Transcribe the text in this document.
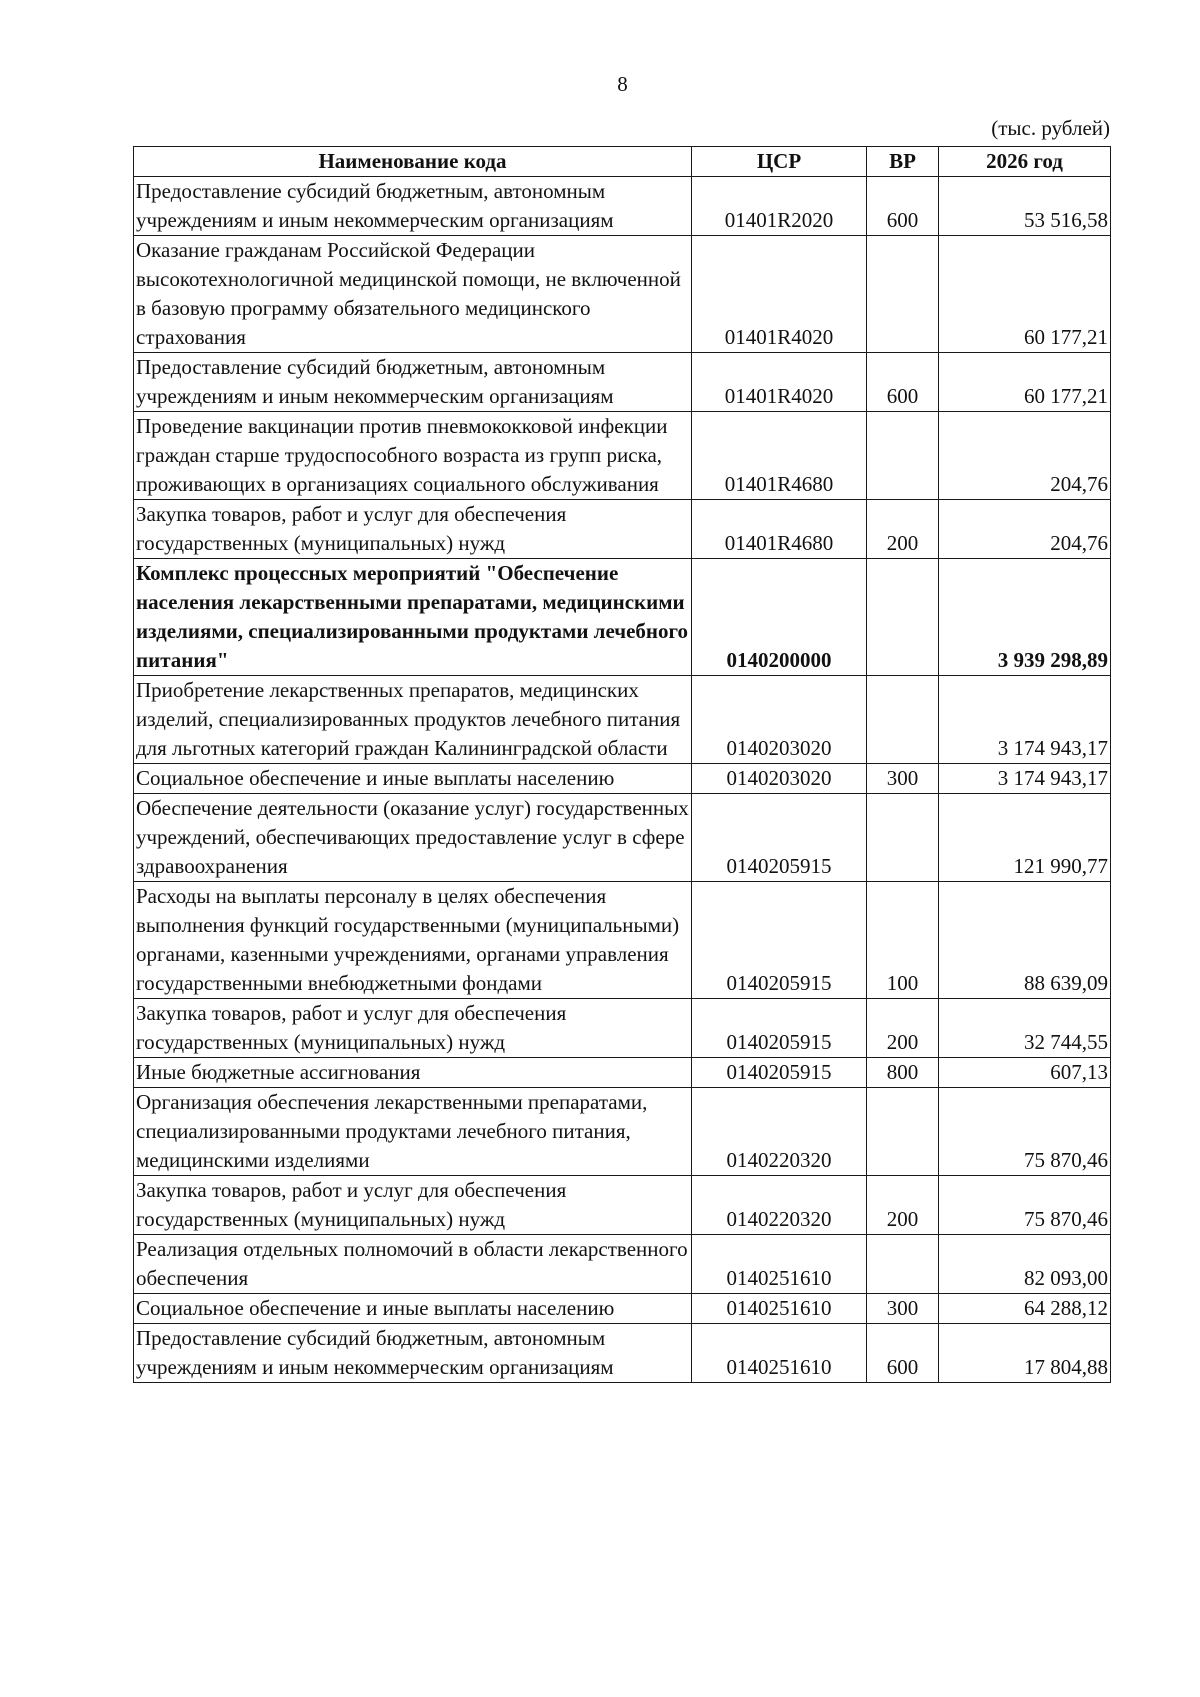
8
(тыс. рублей)
Наименование кода	ЦСР	ВР	2026 год
Предоставление субсидий бюджетным, автономным учреждениям и иным некоммерческим организациям	01401R2020	600	53 516,58
Оказание гражданам Российской Федерации высокотехнологичной медицинской помощи, не включенной в базовую программу обязательного медицинского страхования	01401R4020		60 177,21
Предоставление субсидий бюджетным, автономным учреждениям и иным некоммерческим организациям	01401R4020	600	60 177,21
Проведение вакцинации против пневмококковой инфекции граждан старше трудоспособного возраста из групп риска, проживающих в организациях социального обслуживания	01401R4680		204,76
Закупка товаров, работ и услуг для обеспечения государственных (муниципальных) нужд	01401R4680	200	204,76
Комплекс процессных мероприятий "Обеспечение населения лекарственными препаратами, медицинскими изделиями, специализированными продуктами лечебного питания"	0140200000		3 939 298,89
Приобретение лекарственных препаратов, медицинских изделий, специализированных продуктов лечебного питания для льготных категорий граждан Калининградской области	0140203020		3 174 943,17
Социальное обеспечение и иные выплаты населению	0140203020	300	3 174 943,17
Обеспечение деятельности (оказание услуг) государственных учреждений, обеспечивающих предоставление услуг в сфере здравоохранения	0140205915		121 990,77
Расходы на выплаты персоналу в целях обеспечения выполнения функций государственными (муниципальными) органами, казенными учреждениями, органами управления государственными внебюджетными фондами	0140205915	100	88 639,09
Закупка товаров, работ и услуг для обеспечения государственных (муниципальных) нужд	0140205915	200	32 744,55
Иные бюджетные ассигнования	0140205915	800	607,13
Организация обеспечения лекарственными препаратами, специализированными продуктами лечебного питания, медицинскими изделиями	0140220320		75 870,46
Закупка товаров, работ и услуг для обеспечения государственных (муниципальных) нужд	0140220320	200	75 870,46
Реализация отдельных полномочий в области лекарственного обеспечения	0140251610		82 093,00
Социальное обеспечение и иные выплаты населению	0140251610	300	64 288,12
Предоставление субсидий бюджетным, автономным учреждениям и иным некоммерческим организациям	0140251610	600	17 804,88
